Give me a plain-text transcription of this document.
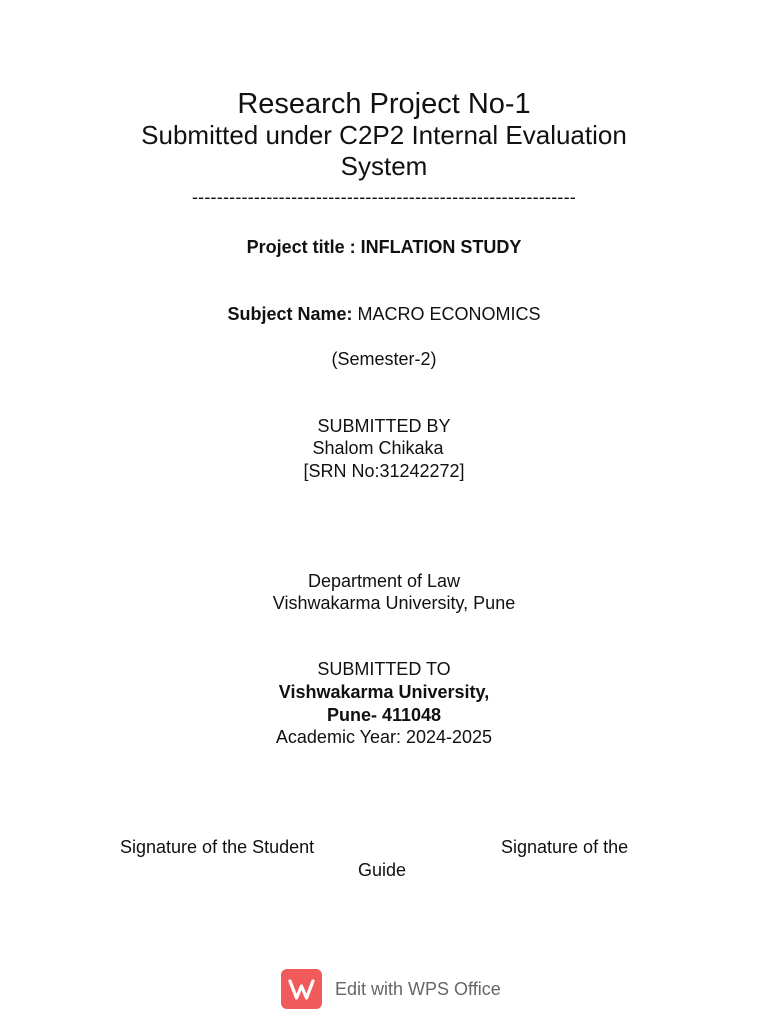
Research Project No-1
Submitted under C2P2 Internal Evaluation
System
--------------------------------------------------------------
Project title : INFLATION STUDY
Subject Name: MACRO ECONOMICS
(Semester-2)
SUBMITTED BY
Shalom Chikaka
[SRN No:31242272]
Department of Law
Vishwakarma University, Pune
SUBMITTED TO
Vishwakarma University,
Pune- 411048
Academic Year: 2024-2025
Signature of the Student	Signature of the
Guide
Edit with WPS Office
